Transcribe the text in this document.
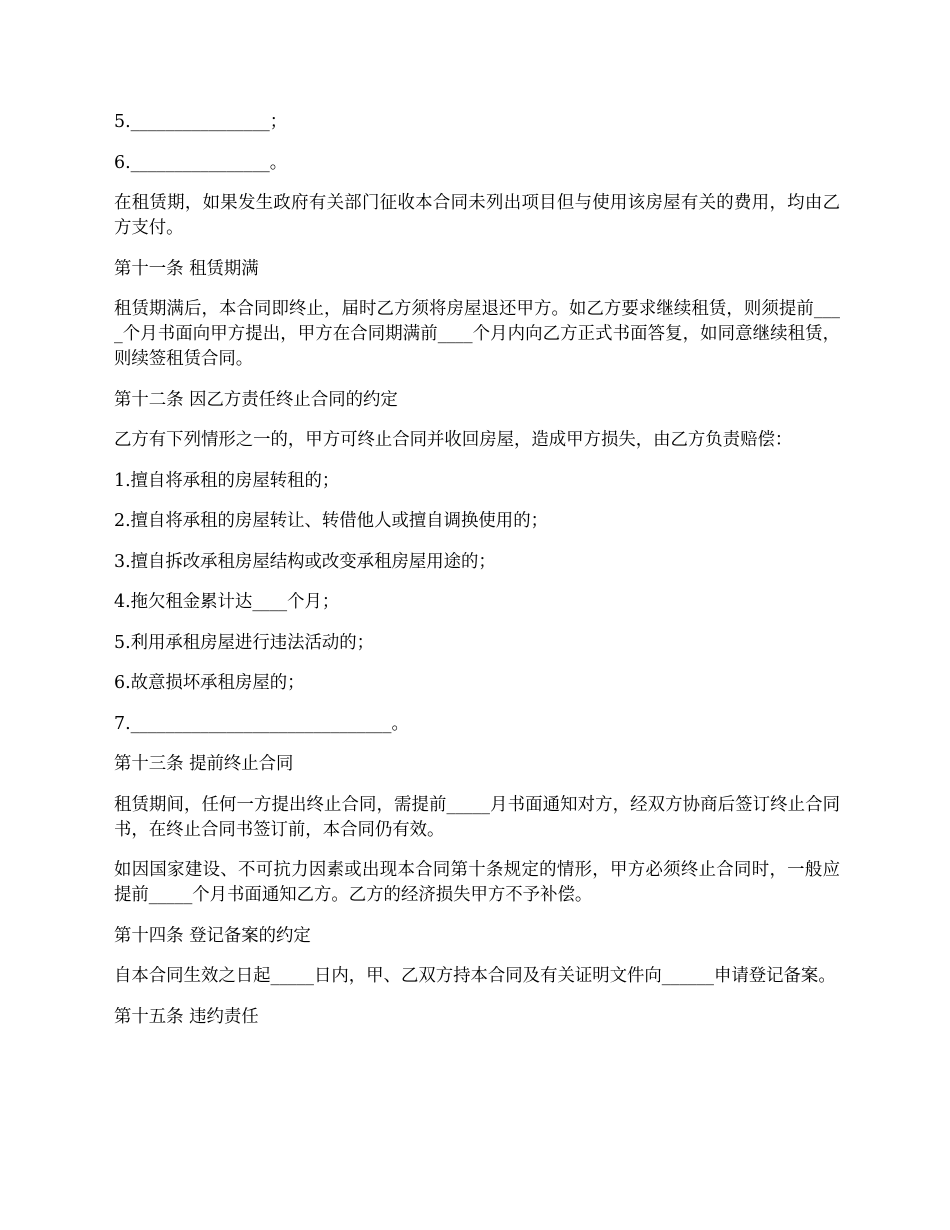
5.________________；

6.________________。

在租赁期，如果发生政府有关部门征收本合同未列出项目但与使用该房屋有关的费用，均由乙方支付。

第十一条 租赁期满

租赁期满后，本合同即终止，届时乙方须将房屋退还甲方。如乙方要求继续租赁，则须提前____个月书面向甲方提出，甲方在合同期满前____个月内向乙方正式书面答复，如同意继续租赁，则续签租赁合同。

第十二条 因乙方责任终止合同的约定

乙方有下列情形之一的，甲方可终止合同并收回房屋，造成甲方损失，由乙方负责赔偿：

1.擅自将承租的房屋转租的；

2.擅自将承租的房屋转让、转借他人或擅自调换使用的；

3.擅自拆改承租房屋结构或改变承租房屋用途的；

4.拖欠租金累计达____个月；

5.利用承租房屋进行违法活动的；

6.故意损坏承租房屋的；

7.______________________________。

第十三条 提前终止合同

租赁期间，任何一方提出终止合同，需提前_____月书面通知对方，经双方协商后签订终止合同书，在终止合同书签订前，本合同仍有效。

如因国家建设、不可抗力因素或出现本合同第十条规定的情形，甲方必须终止合同时，一般应提前_____个月书面通知乙方。乙方的经济损失甲方不予补偿。

第十四条 登记备案的约定

自本合同生效之日起_____日内，甲、乙双方持本合同及有关证明文件向______申请登记备案。

第十五条 违约责任
